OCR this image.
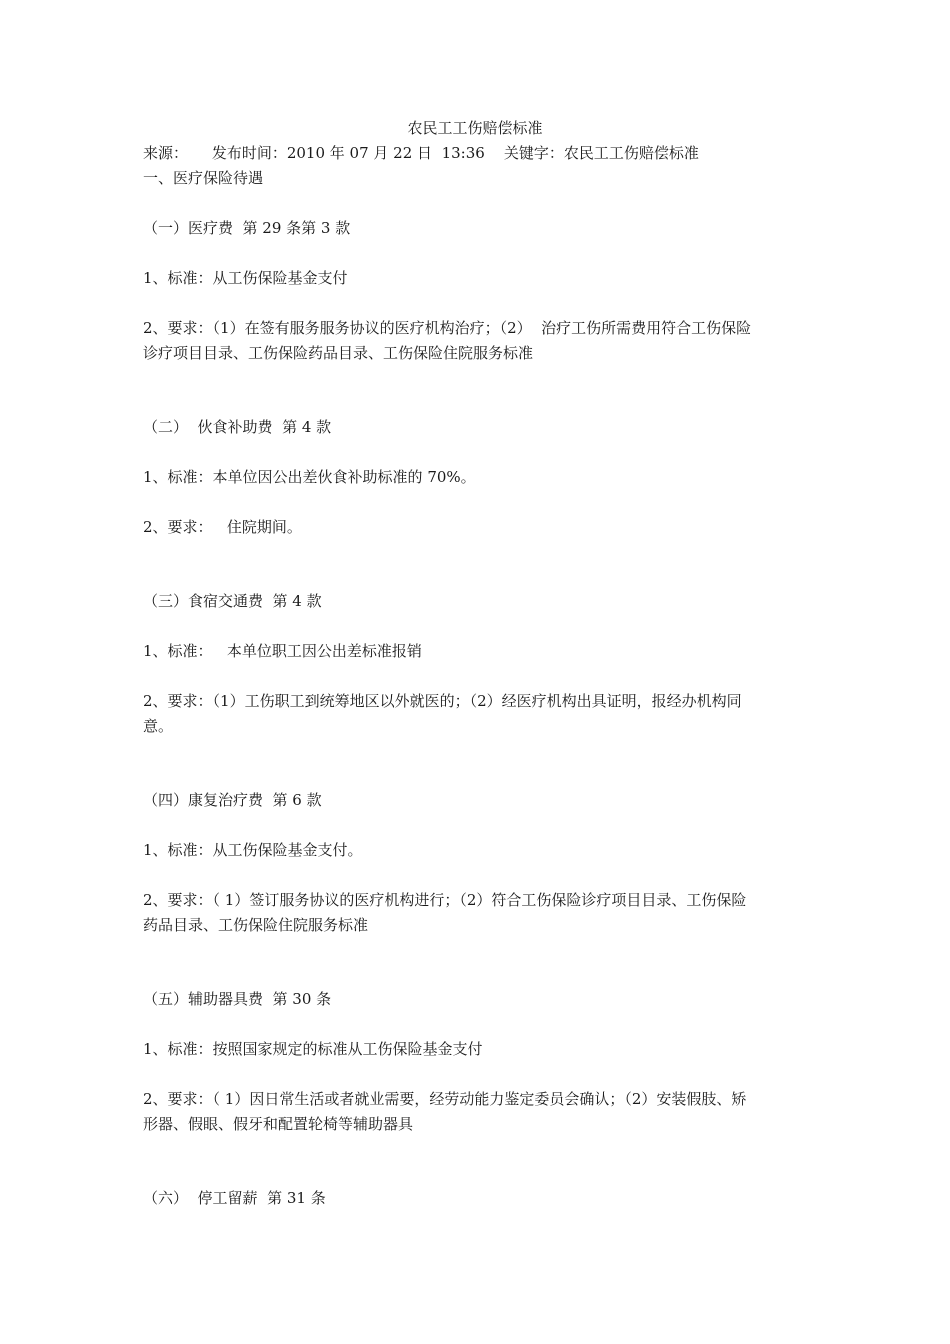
农民工工伤赔偿标准
来源：     发布时间：2010 年 07 月 22 日  13:36    关键字：农民工工伤赔偿标准
一、医疗保险待遇
（一）医疗费  第 29 条第 3 款
1、标准：从工伤保险基金支付
2、要求：（1）在签有服务服务协议的医疗机构治疗；（2）  治疗工伤所需费用符合工伤保险
诊疗项目目录、工伤保险药品目录、工伤保险住院服务标准
（二）  伙食补助费  第 4 款
1、标准：本单位因公出差伙食补助标准的 70%。
2、要求：   住院期间。
（三）食宿交通费  第 4 款
1、标准：   本单位职工因公出差标准报销
2、要求：（1）工伤职工到统筹地区以外就医的；（2）经医疗机构出具证明，报经办机构同
意。
（四）康复治疗费  第 6 款
1、标准：从工伤保险基金支付。
2、要求：（ 1）签订服务协议的医疗机构进行；（2）符合工伤保险诊疗项目目录、工伤保险
药品目录、工伤保险住院服务标准
（五）辅助器具费  第 30 条
1、标准：按照国家规定的标准从工伤保险基金支付
2、要求：（ 1）因日常生活或者就业需要，经劳动能力鉴定委员会确认；（2）安装假肢、矫
形器、假眼、假牙和配置轮椅等辅助器具
（六）  停工留薪  第 31 条
